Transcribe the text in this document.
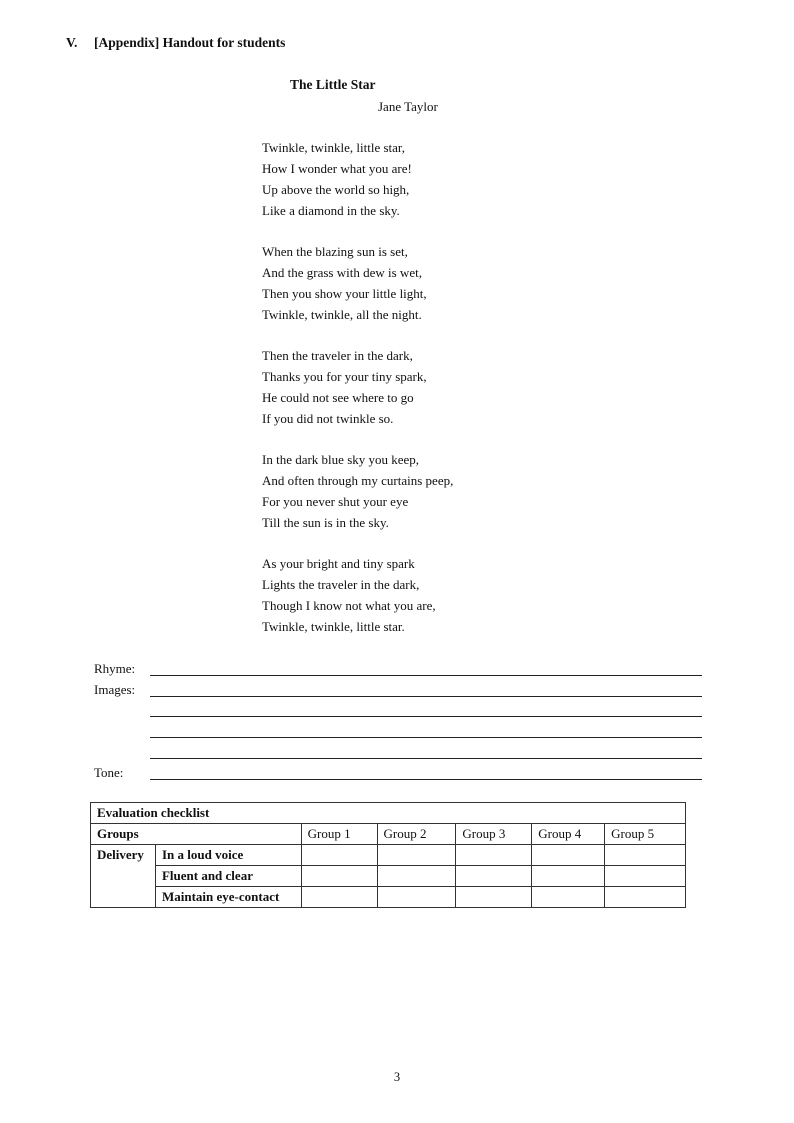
V. [Appendix] Handout for students
The Little Star
Jane Taylor
Twinkle, twinkle, little star,
How I wonder what you are!
Up above the world so high,
Like a diamond in the sky.
When the blazing sun is set,
And the grass with dew is wet,
Then you show your little light,
Twinkle, twinkle, all the night.
Then the traveler in the dark,
Thanks you for your tiny spark,
He could not see where to go
If you did not twinkle so.
In the dark blue sky you keep,
And often through my curtains peep,
For you never shut your eye
Till the sun is in the sky.
As your bright and tiny spark
Lights the traveler in the dark,
Though I know not what you are,
Twinkle, twinkle, little star.
Rhyme:
Images:
Tone:
Evaluation checklist						
Groups		Group 1	Group 2	Group 3	Group 4	Group 5
Delivery	In a loud voice					
	Fluent and clear					
	Maintain eye-contact					
3
